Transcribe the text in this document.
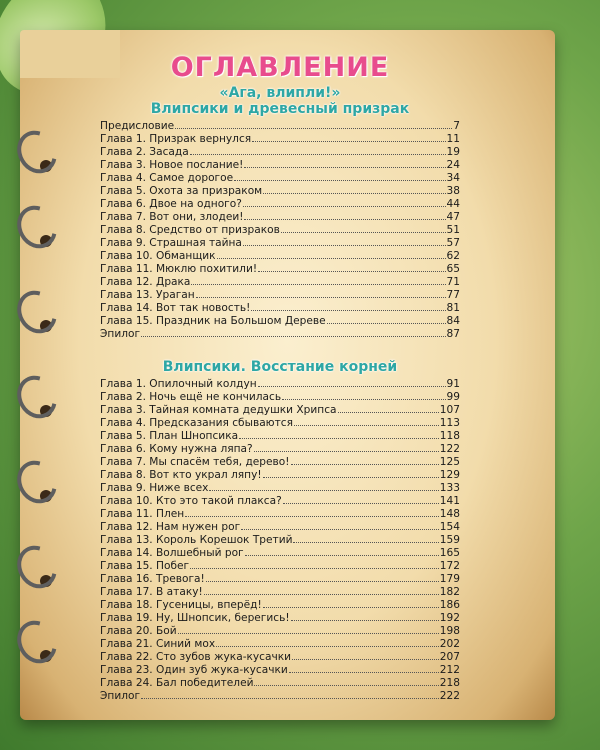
ОГЛАВЛЕНИЕ
«Ага, влипли!»
Влипсики и древесный призрак
Предисловие	7
Глава 1. Призрак вернулся	11
Глава 2. Засада	19
Глава 3. Новое послание!	24
Глава 4. Самое дорогое	34
Глава 5. Охота за призраком	38
Глава 6. Двое на одного?	44
Глава 7. Вот они, злодеи!	47
Глава 8. Средство от призраков	51
Глава 9. Страшная тайна	57
Глава 10. Обманщик	62
Глава 11. Мюклю похитили!	65
Глава 12. Драка	71
Глава 13. Ураган	77
Глава 14. Вот так новость!	81
Глава 15. Праздник на Большом Дереве	84
Эпилог	87
Влипсики. Восстание корней
Глава 1. Опилочный колдун	91
Глава 2. Ночь ещё не кончилась	99
Глава 3. Тайная комната дедушки Хрипса	107
Глава 4. Предсказания сбываются	113
Глава 5. План Шнопсика	118
Глава 6. Кому нужна ляпа?	122
Глава 7. Мы спасём тебя, дерево!	125
Глава 8. Вот кто украл ляпу!	129
Глава 9. Ниже всех	133
Глава 10. Кто это такой плакса?	141
Глава 11. Плен	148
Глава 12. Нам нужен рог	154
Глава 13. Король Корешок Третий	159
Глава 14. Волшебный рог	165
Глава 15. Побег	172
Глава 16. Тревога!	179
Глава 17. В атаку!	182
Глава 18. Гусеницы, вперёд!	186
Глава 19. Ну, Шнопсик, берегись!	192
Глава 20. Бой	198
Глава 21. Синий мох	202
Глава 22. Сто зубов жука-кусачки	207
Глава 23. Один зуб жука-кусачки	212
Глава 24. Бал победителей	218
Эпилог	222
